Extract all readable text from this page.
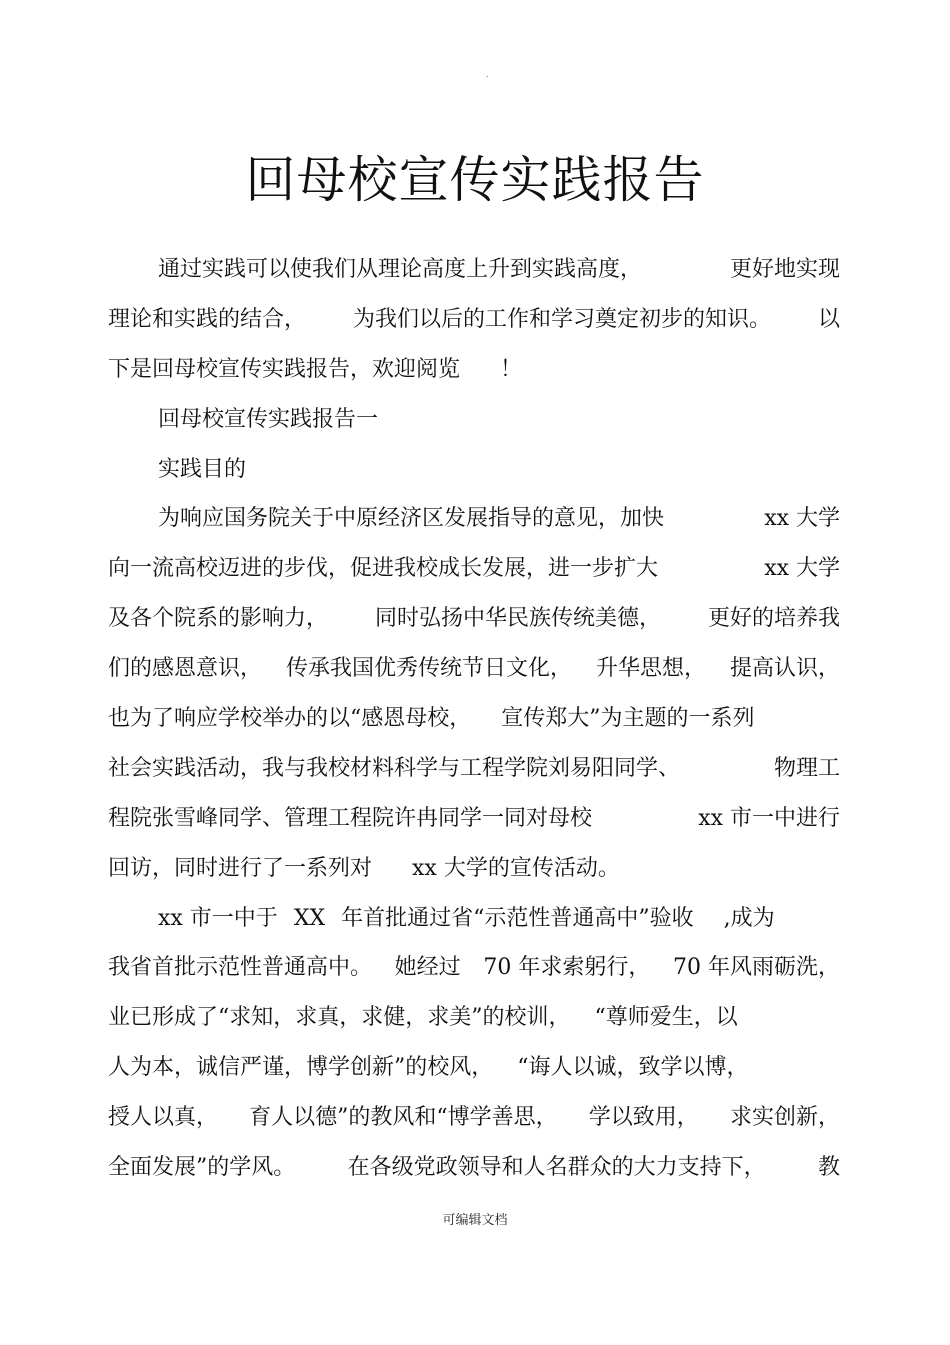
.
回母校宣传实践报告
通过实践可以使我们从理论高度上升到实践高度，	更好地实现
理论和实践的结合， 为我们以后的工作和学习奠定初步的知识。 以
下是回母校宣传实践报告，欢迎阅览 ！
回母校宣传实践报告一
实践目的
为响应国务院关于中原经济区发展指导的意见，加快	xx 大学
向一流高校迈进的步伐，促进我校成长发展，进一步扩大	xx 大学
及各个院系的影响力， 同时弘扬中华民族传统美德， 更好的培养我
们的感恩意识， 传承我国优秀传统节日文化， 升华思想， 提高认识，
也为了响应学校举办的以“感恩母校， 宣传郑大”为主题的一系列
社会实践活动，我与我校材料科学与工程学院刘易阳同学、	物理工
程院张雪峰同学、管理工程院许冉同学一同对母校	xx 市一中进行
回访，同时进行了一系列对 xx 大学的宣传活动。
xx 市一中于 XX 年首批通过省“示范性普通高中”验收 ,成为
我省首批示范性普通高中。 她经过 70 年求索躬行， 70 年风雨砺洗，
业已形成了“求知，求真，求健，求美”的校训， “尊师爱生，以
人为本，诚信严谨，博学创新”的校风， “诲人以诚，致学以博，
授人以真， 育人以德”的教风和“博学善思， 学以致用， 求实创新，
全面发展”的学风。 在各级党政领导和人名群众的大力支持下， 教
可编辑文档
